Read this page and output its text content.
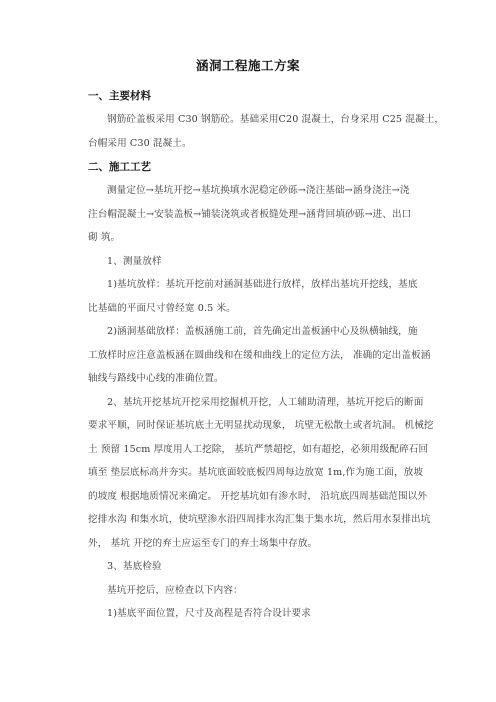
涵洞工程施工方案
一、主要材料
钢筋砼盖板采用 C30 钢筋砼。基础采用C20 混凝土，台身采用 C25 混凝土，
台帽采用 C30 混凝土。
二、施工工艺
测量定位→基坑开挖→基坑换填水泥稳定砂砾→浇注基础→涵身浇注→浇
注台帽混凝土→安装盖板→铺装浇筑或者板缝处理→涵背回填砂砾→进、出口
砌 筑。
1、测量放样
1)基坑放样：基坑开挖前对涵洞基础进行放样，放样出基坑开挖线，基底
比基础的平面尺寸曾经宽 0.5 米。
2)涵洞基础放样：盖板涵施工前，首先确定出盖板涵中心及纵横轴线，施
工放样时应注意盖板涵在圆曲线和在缓和曲线上的定位方法， 准确的定出盖板涵
轴线与路线中心线的准确位置。
2、基坑开挖基坑开挖采用挖掘机开挖，人工辅助清理，基坑开挖后的断面
要求平顺，同时保证基坑底土无明显扰动现象， 坑壁无松散土或者坑洞。 机械挖
土 预留 15cm 厚度用人工挖除， 基坑严禁超挖，如有超挖，必须用级配碎石回
填至 垫层底标高并夯实。基坑底面较底板四周每边放宽 1m,作为施工面，放坡
的坡度 根据地质情况来确定。 开挖基坑如有渗水时， 沿坑底四周基础范围以外
挖排水沟 和集水坑，使坑壁渗水沿四周排水沟汇集于集水坑，然后用水泵排出坑
外， 基坑 开挖的弃土应运至专门的弃土场集中存放。
3、基底检验
基坑开挖后，应检查以下内容：
1)基底平面位置，尺寸及高程是否符合设计要求
